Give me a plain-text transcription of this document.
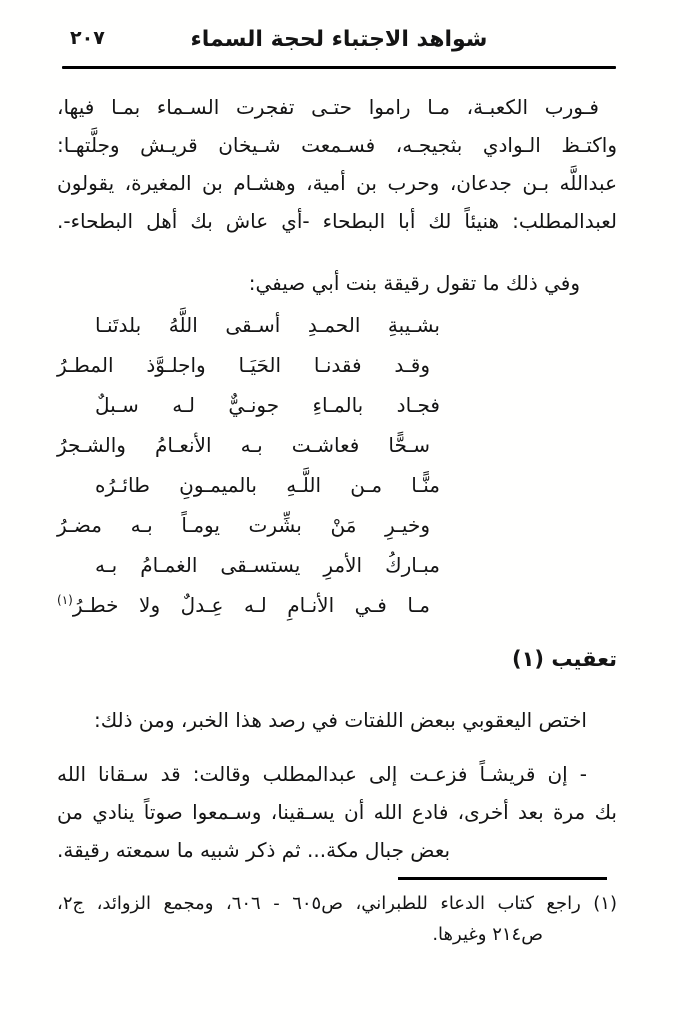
شواهد الاجتباء لحجة السماء
٢٠٧
فـورب الكعبـة، مـا راموا حتـى تفجرت السـماء بمـا فيها،
واكتـظ الـوادي بثجيجـه، فسـمعت شـيخان قريـش وجلَّتهـا:
عبداللَّه بـن جدعان، وحرب بن أمية، وهشـام بن المغيرة، يقولون
لعبدالمطلب: هنيئاً لك أبا البطحاء -أي عاش بك أهل البطحاء-.
وفي ذلك ما تقول رقيقة بنت أبي صيفي:
بشـيبةِ الحمـدِ أسـقى اللَّهُ بلدتَنـا
وقـد فقدنـا الحَيَـا واجلـوَّذ المطـرُ
فجـاد بالمـاءِ جونـيٌّ لـه سـبلٌ
سـحًّا فعاشـت بـه الأنعـامُ والشـجرُ
منًّـا مـن اللَّـهِ بالميمـونِ طائـرُه
وخيـرِ مَنْ بشِّرت يومـاً بـه مضـرُ
مبـاركُ الأمرِ يستسـقى الغمـامُ بـه
مـا فـي الأنـامِ لـه عِـدلٌ ولا خطـرُ$^{(١)}$
تعقيب (١)
اختص اليعقوبي ببعض اللفتات في رصد هذا الخبر، ومن ذلك:
- إن قريشـاً فزعـت إلى عبدالمطلب وقالت: قد سـقانا الله
بك مرة بعد أخرى، فادع الله أن يسـقينا، وسـمعوا صوتاً ينادي من
بعض جبال مكة... ثم ذكر شبيه ما سمعته رقيقة.
(١) راجع كتاب الدعاء للطبراني، ص٦٠٥ - ٦٠٦، ومجمع الزوائد، ج٢،
ص٢١٤ وغيرها.
